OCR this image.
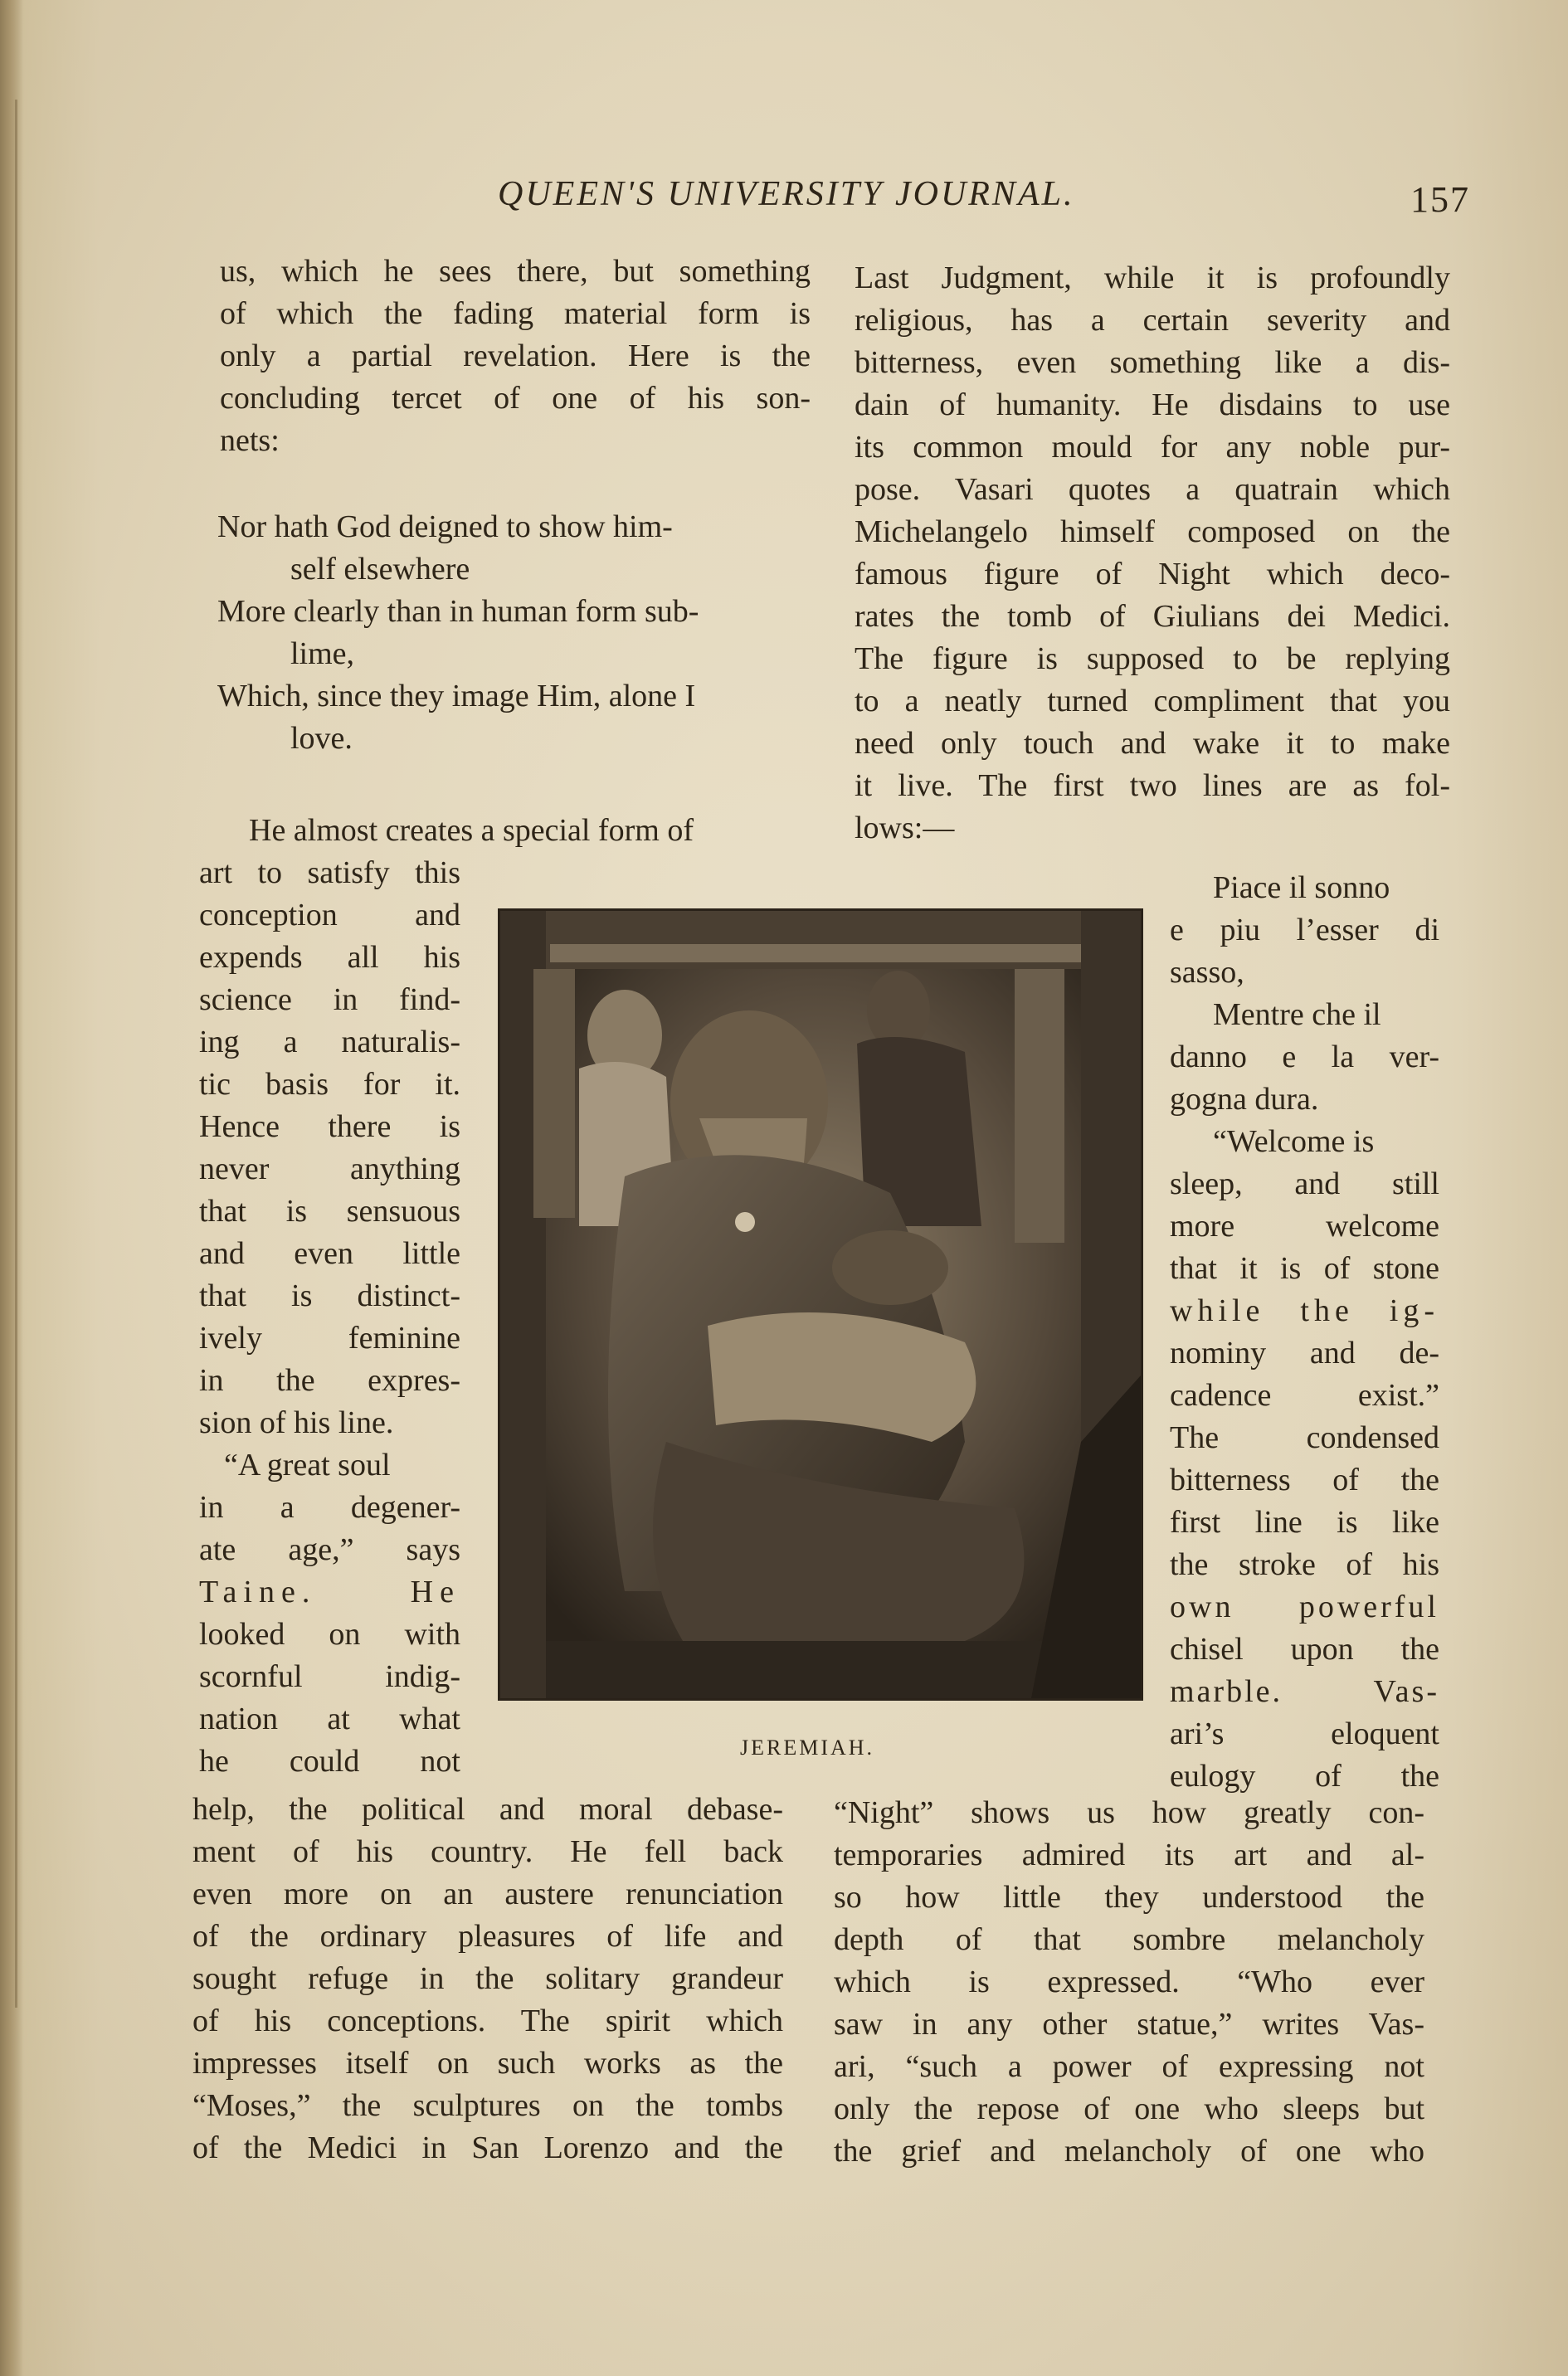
QUEEN'S UNIVERSITY JOURNAL.	157
us, which he sees there, but something
of which the fading material form is
only a partial revelation. Here is the
concluding tercet of one of his son-
nets:
Nor hath God deigned to show him-
self elsewhere
More clearly than in human form sub-
lime,
Which, since they image Him, alone I
love.
He almost creates a special form of
art to satisfy this
conception and
expends all his
science in find-
ing a naturalis-
tic basis for it.
Hence there is
never anything
that is sensuous
and even little
that is distinct-
ively feminine
in the expres-
sion of his line.
“A great soul
in a degener-
ate age,” says
Taine. He
looked on with
scornful indig-
nation at what
he could not
help, the political and moral debase-
ment of his country. He fell back
even more on an austere renunciation
of the ordinary pleasures of life and
sought refuge in the solitary grandeur
of his conceptions. The spirit which
impresses itself on such works as the
“Moses,” the sculptures on the tombs
of the Medici in San Lorenzo and the
Last Judgment, while it is profoundly
religious, has a certain severity and
bitterness, even something like a dis-
dain of humanity. He disdains to use
its common mould for any noble pur-
pose. Vasari quotes a quatrain which
Michelangelo himself composed on the
famous figure of Night which deco-
rates the tomb of Giulians dei Medici.
The figure is supposed to be replying
to a neatly turned compliment that you
need only touch and wake it to make
it live. The first two lines are as fol-
lows:—
Piace il sonno
e piu l’esser di
sasso,
Mentre che il
danno e la ver-
gogna dura.
“Welcome is
sleep, and still
more welcome
that it is of stone
while the ig-
nominy and de-
cadence exist.”
The condensed
bitterness of the
first line is like
the stroke of his
own powerful
chisel upon the
marble. Vas-
ari’s eloquent
eulogy of the
“Night” shows us how greatly con-
temporaries admired its art and al-
so how little they understood the
depth of that sombre melancholy
which is expressed. “Who ever
saw in any other statue,” writes Vas-
ari, “such a power of expressing not
only the repose of one who sleeps but
the grief and melancholy of one who
JEREMIAH.
